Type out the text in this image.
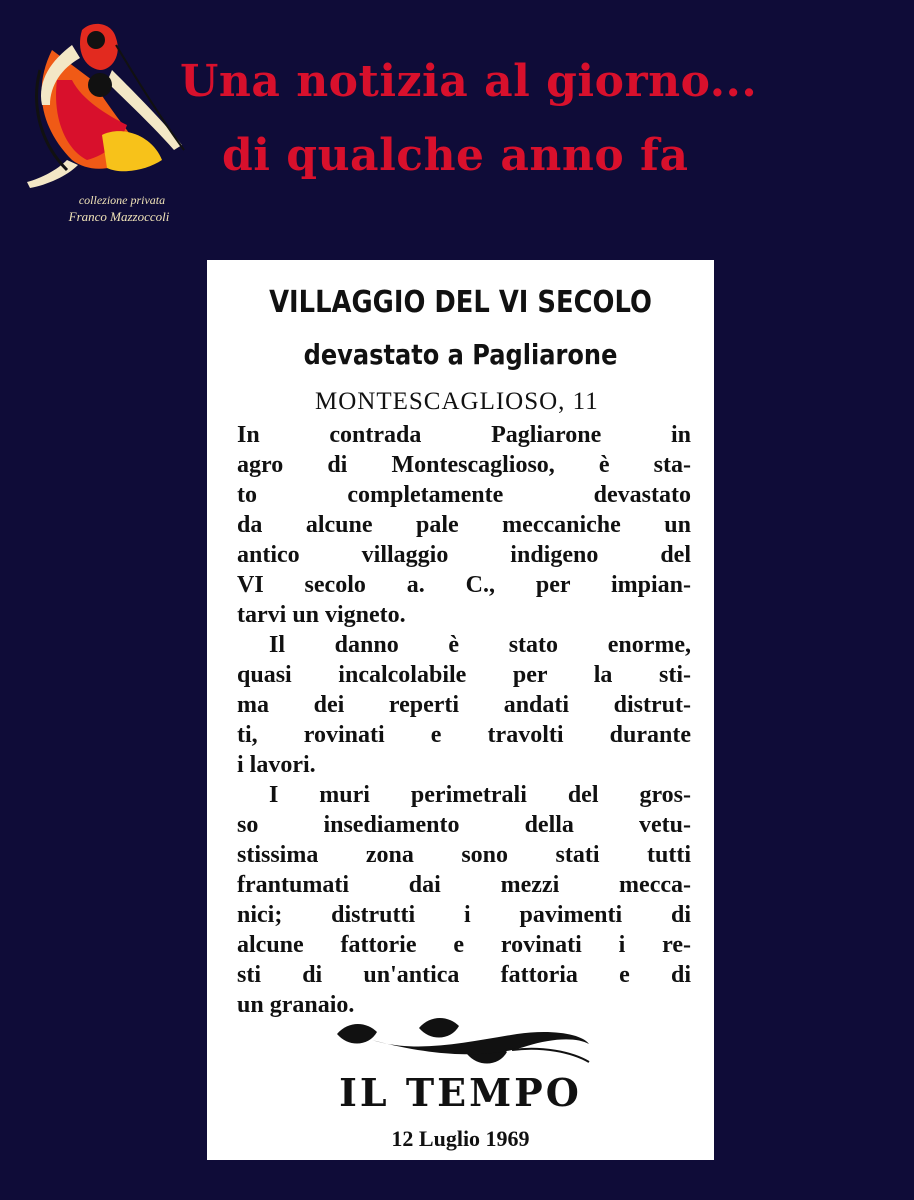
collezione privata
Franco Mazzoccoli
Una notizia al giorno...
di qualche anno fa
VILLAGGIO DEL VI SECOLO
devastato a Pagliarone
MONTESCAGLIOSO, 11
In contrada Pagliarone in
agro di Montescaglioso, è sta-
to completamente devastato
da alcune pale meccaniche un
antico villaggio indigeno del
VI secolo a. C., per impian-
tarvi un vigneto.
Il danno è stato enorme,
quasi incalcolabile per la sti-
ma dei reperti andati distrut-
ti, rovinati e travolti durante
i lavori.
I muri perimetrali del gros-
so insediamento della vetu-
stissima zona sono stati tutti
frantumati dai mezzi mecca-
nici; distrutti i pavimenti di
alcune fattorie e rovinati i re-
sti di un'antica fattoria e di
un granaio.
IL TEMPO
12 Luglio 1969
